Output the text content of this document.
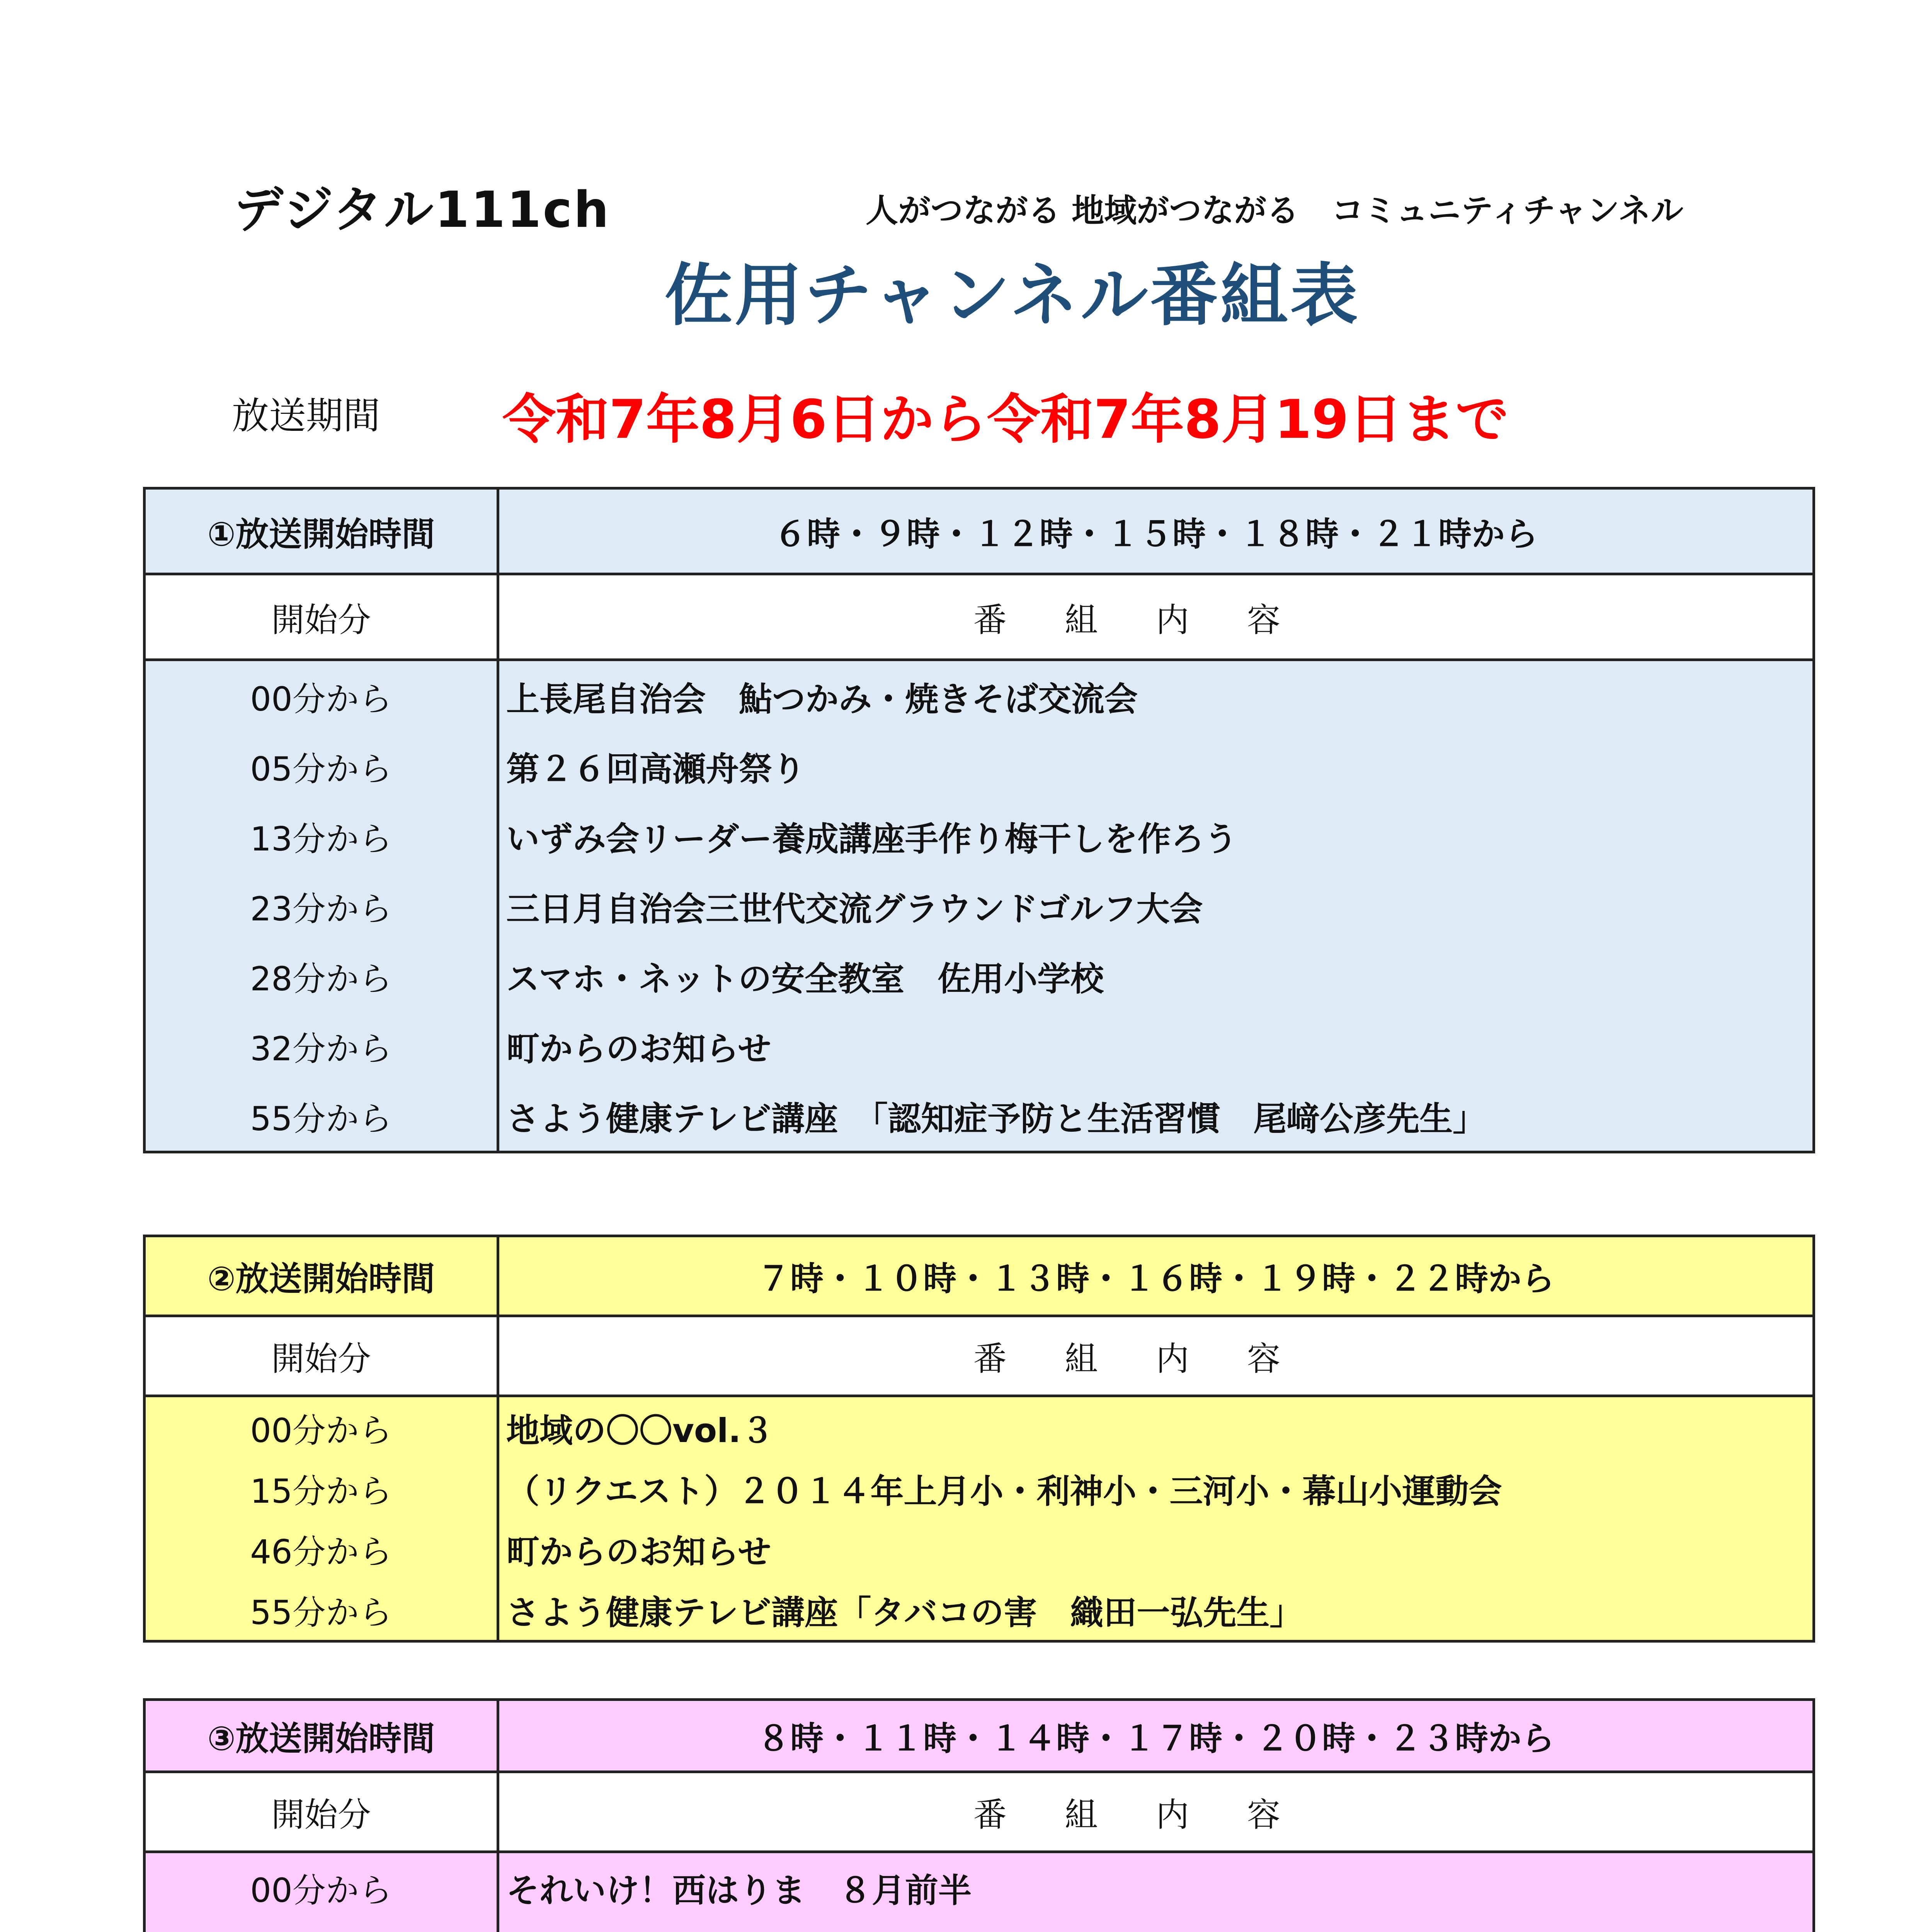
デジタル111ch	人がつながる 地域がつながる　コミュニティチャンネル
佐用チャンネル番組表
放送期間 令和7年8月6日から令和7年8月19日まで
①放送開始時間	６時・９時・１２時・１５時・１８時・２１時から
開始分	番組内容
00分から	上長尾自治会　鮎つかみ・焼きそば交流会
05分から	第２６回高瀬舟祭り
13分から	いずみ会リーダー養成講座手作り梅干しを作ろう
23分から	三日月自治会三世代交流グラウンドゴルフ大会
28分から	スマホ・ネットの安全教室　佐用小学校
32分から	町からのお知らせ
55分から	さよう健康テレビ講座　「認知症予防と生活習慣　尾﨑公彦先生」
②放送開始時間	７時・１０時・１３時・１６時・１９時・２２時から
開始分	番組内容
00分から	地域の〇〇vol.３
15分から	（リクエスト）２０１４年上月小・利神小・三河小・幕山小運動会
46分から	町からのお知らせ
55分から	さよう健康テレビ講座「タバコの害　織田一弘先生」
③放送開始時間	８時・１１時・１４時・１７時・２０時・２３時から
開始分	番組内容
00分から	それいけ！西はりま　８月前半
